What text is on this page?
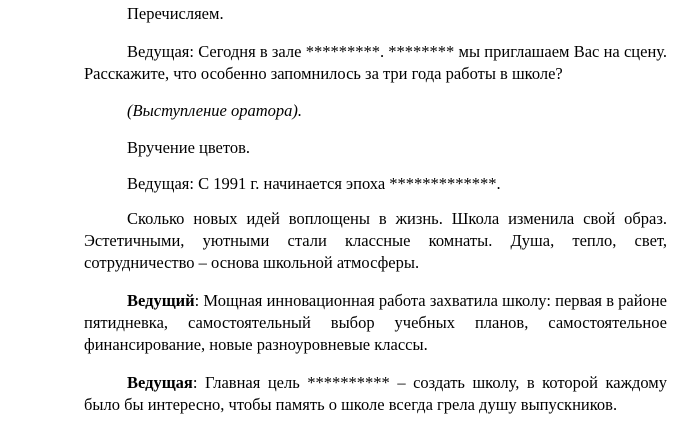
Перечисляем.

Ведущая: Сегодня в зале *********. ******** мы приглашаем Вас на сцену. Расскажите, что особенно запомнилось за три года работы в школе?

(Выступление оратора).

Вручение цветов.

Ведущая: С 1991 г. начинается эпоха *************.

Сколько новых идей воплощены в жизнь. Школа изменила свой образ. Эстетичными, уютными стали классные комнаты. Душа, тепло, свет, сотрудничество – основа школьной атмосферы.

Ведущий: Мощная инновационная работа захватила школу: первая в районе пятидневка, самостоятельный выбор учебных планов, самостоятельное финансирование, новые разноуровневые классы.

Ведущая: Главная цель ********** – создать школу, в которой каждому было бы интересно, чтобы память о школе всегда грела душу выпускников.
